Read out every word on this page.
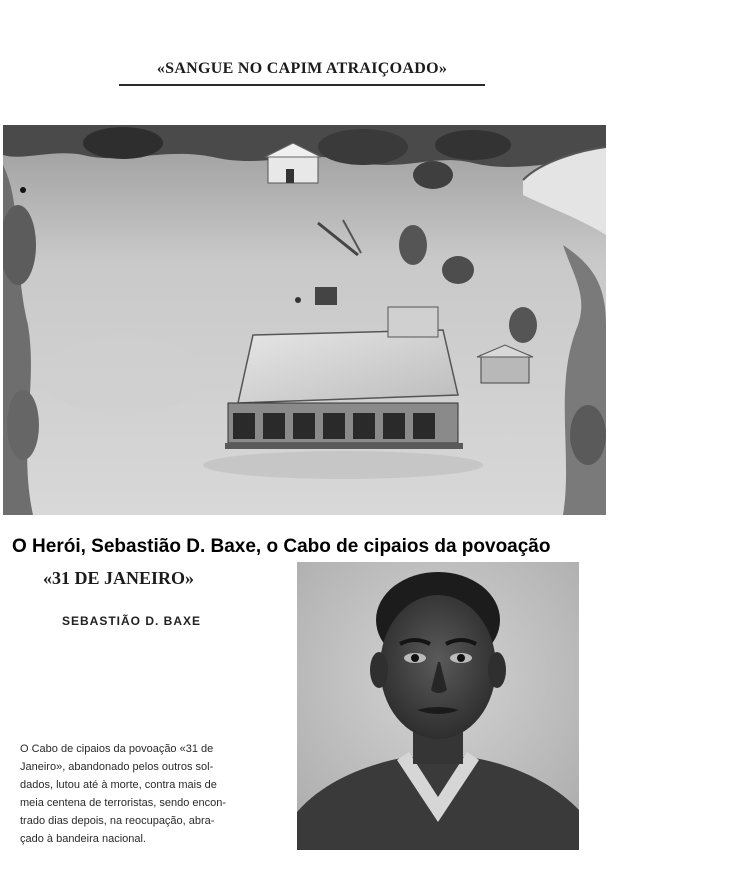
«SANGUE NO CAPIM ATRAIÇOADO»

O Herói, Sebastião D. Baxe, o Cabo de cipaios da povoação

«31 DE JANEIRO»

SEBASTIÃO D. BAXE

O Cabo de cipaios da povoação «31 de
Janeiro», abandonado pelos outros sol-
dados, lutou até à morte, contra mais de
meia centena de terroristas, sendo encon-
trado dias depois, na reocupação, abra-
çado à bandeira nacional.
